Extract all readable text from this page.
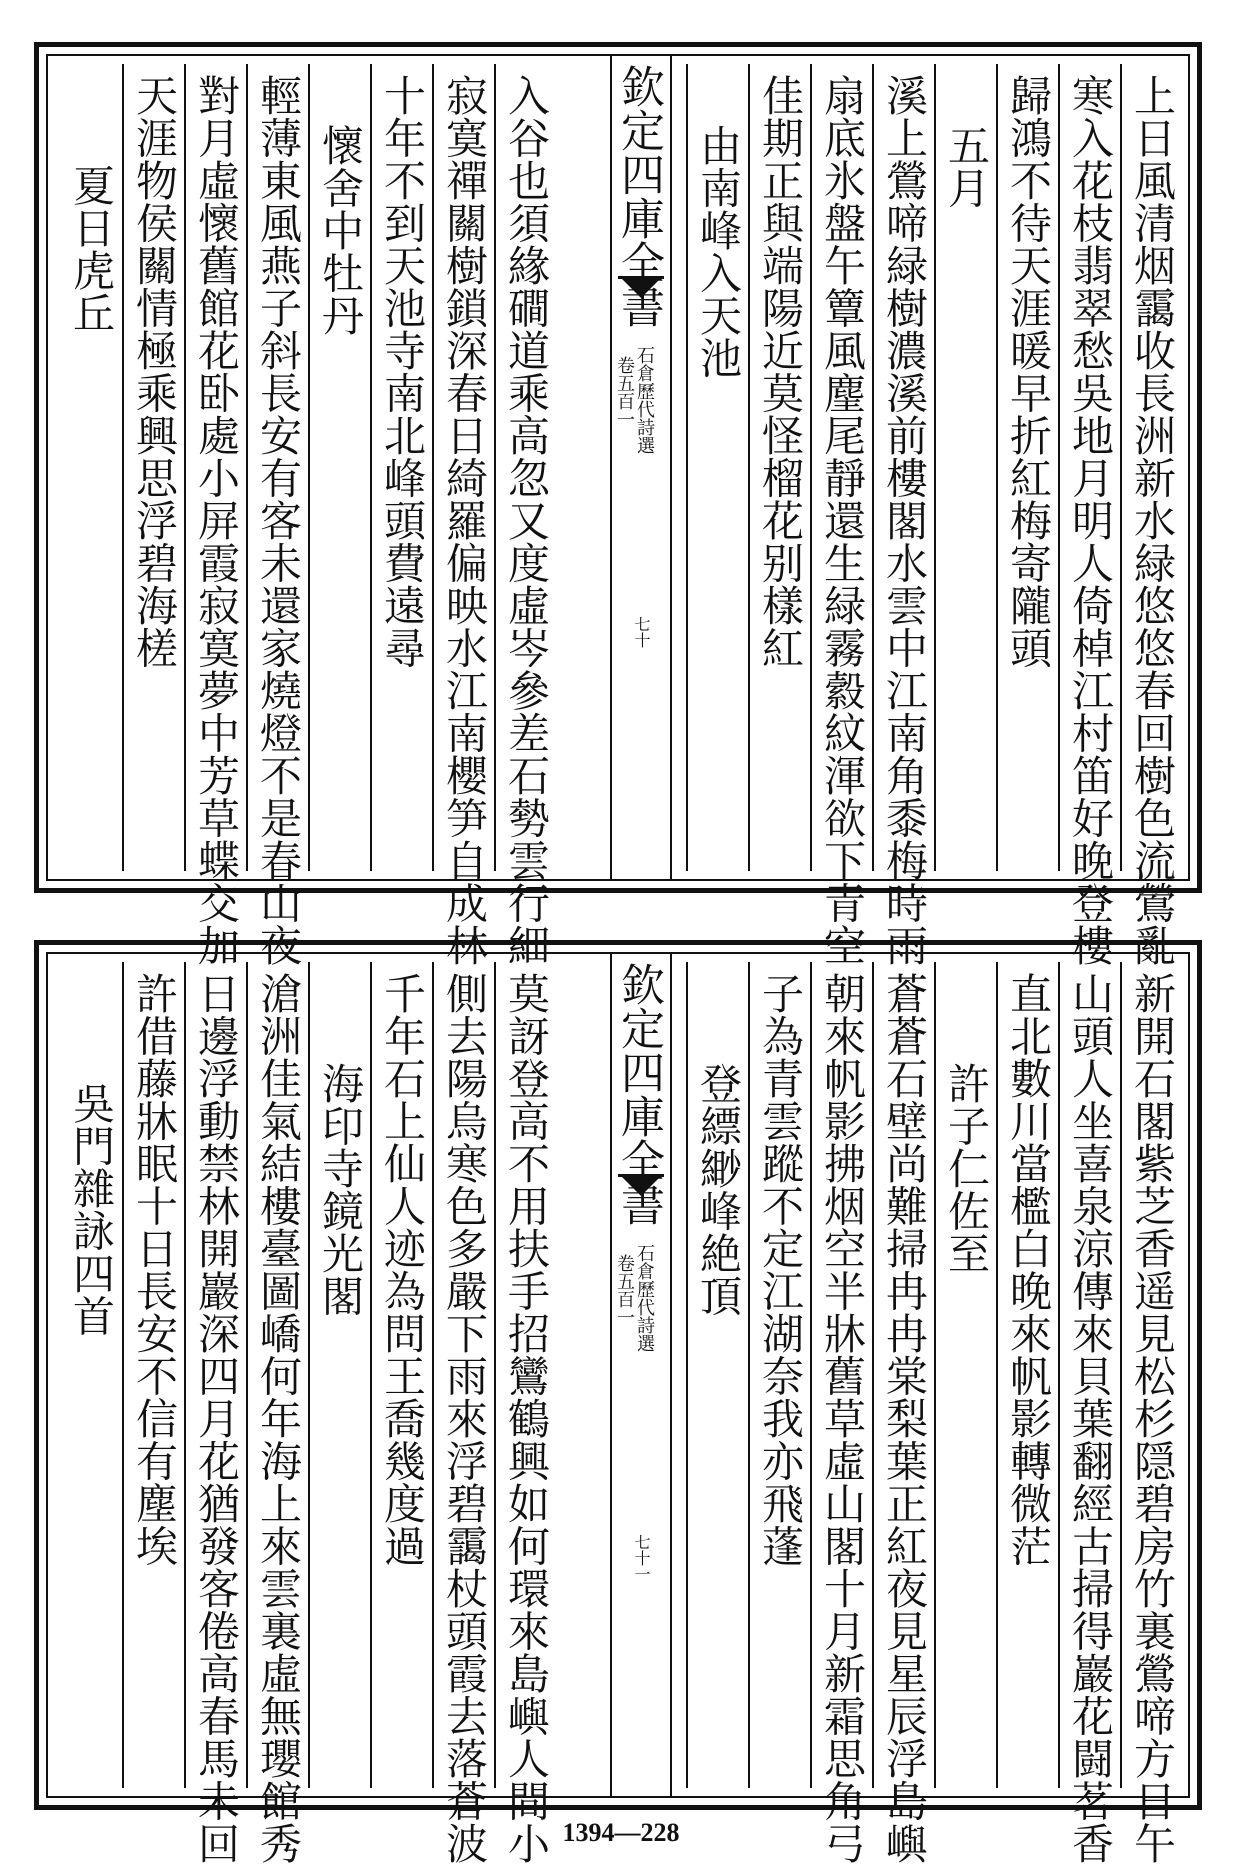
上日風清烟靄收長洲新水緑悠悠春回樹色流鶯亂
寒入花枝翡翠愁吳地月明人倚棹江村笛好晚登樓
歸鴻不待天涯暖早折紅梅寄隴頭
五月
溪上鶯啼緑樹濃溪前樓閣水雲中江南角黍梅時雨
扇底氷盤午簟風麈尾靜還生緑霧縠紋渾欲下青空
佳期正與端陽近莫怪榴花别樣紅
由南峰入天池
欽定四庫全書
石倉歷代詩選
卷五百一
七十
入谷也須緣磵道乘高忽又度虛岑參差石勢雲行細
寂寞禪關樹鎖深春日綺羅偏映水江南櫻笋自成林
十年不到天池寺南北峰頭費遠尋
懷舍中牡丹
輕薄東風燕子斜長安有客未還家燒燈不是春山夜
對月虛懷舊館花卧處小屏霞寂寞夢中芳草蝶交加
天涯物侯關情極乘興思浮碧海槎
夏日虎丘
新開石閣紫芝香遥見松杉隠碧房竹裏鶯啼方日午
山頭人坐喜泉涼傳來貝葉翻經古掃得巖花闘茗香
直北數川當檻白晚來帆影轉微茫
許子仁佐至
蒼蒼石壁尚難掃冉冉棠梨葉正紅夜見星辰浮島嶼
朝來帆影拂烟空半牀舊草虛山閣十月新霜思角弓
子為青雲蹤不定江湖奈我亦飛蓬
登縹緲峰絶頂
欽定四庫全書
石倉歷代詩選
卷五百一
七十一
莫訝登高不用扶手招鸞鶴興如何環來島嶼人間小
側去陽烏寒色多嚴下雨來浮碧靄杖頭霞去落蒼波
千年石上仙人迹為問王喬幾度過
海印寺鏡光閣
滄洲佳氣結樓臺圖嶠何年海上來雲裏虛無瓔館秀
日邊浮動禁林開巖深四月花猶發客倦高春馬未回
許借藤牀眠十日長安不信有塵埃
吳門雜詠四首
1394—228
